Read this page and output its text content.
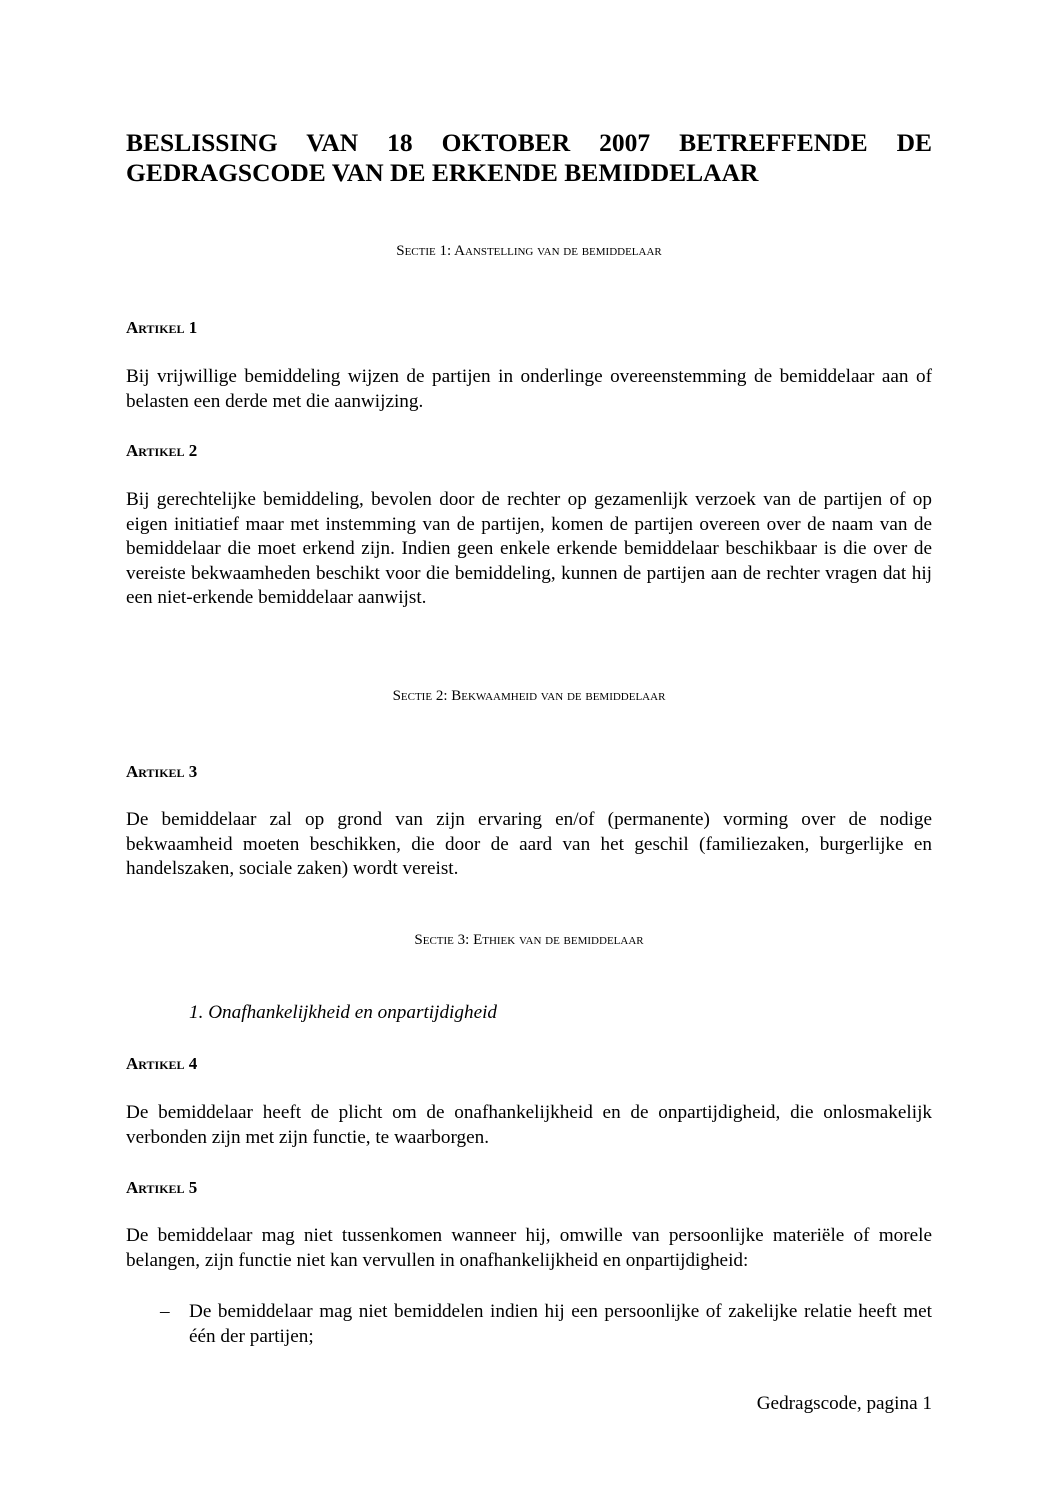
BESLISSING VAN 18 OKTOBER 2007 BETREFFENDE DE GEDRAGSCODE VAN DE ERKENDE BEMIDDELAAR

Sectie 1: Aanstelling van de bemiddelaar

Artikel 1

Bij vrijwillige bemiddeling wijzen de partijen in onderlinge overeenstemming de bemiddelaar aan of belasten een derde met die aanwijzing.

Artikel 2

Bij gerechtelijke bemiddeling, bevolen door de rechter op gezamenlijk verzoek van de partijen of op eigen initiatief maar met instemming van de partijen, komen de partijen overeen over de naam van de bemiddelaar die moet erkend zijn. Indien geen enkele erkende bemiddelaar beschikbaar is die over de vereiste bekwaamheden beschikt voor die bemiddeling, kunnen de partijen aan de rechter vragen dat hij een niet-erkende bemiddelaar aanwijst.

Sectie 2: Bekwaamheid van de bemiddelaar

Artikel 3

De bemiddelaar zal op grond van zijn ervaring en/of (permanente) vorming over de nodige bekwaamheid moeten beschikken, die door de aard van het geschil (familiezaken, burgerlijke en handelszaken, sociale zaken) wordt vereist.

Sectie 3: Ethiek van de bemiddelaar

1. Onafhankelijkheid en onpartijdigheid

Artikel 4

De bemiddelaar heeft de plicht om de onafhankelijkheid en de onpartijdigheid, die onlosmakelijk verbonden zijn met zijn functie, te waarborgen.

Artikel 5

De bemiddelaar mag niet tussenkomen wanneer hij, omwille van persoonlijke materiële of morele belangen, zijn functie niet kan vervullen in onafhankelijkheid en onpartijdigheid:

–	De bemiddelaar mag niet bemiddelen indien hij een persoonlijke of zakelijke relatie heeft met één der partijen;

Gedragscode, pagina 1
